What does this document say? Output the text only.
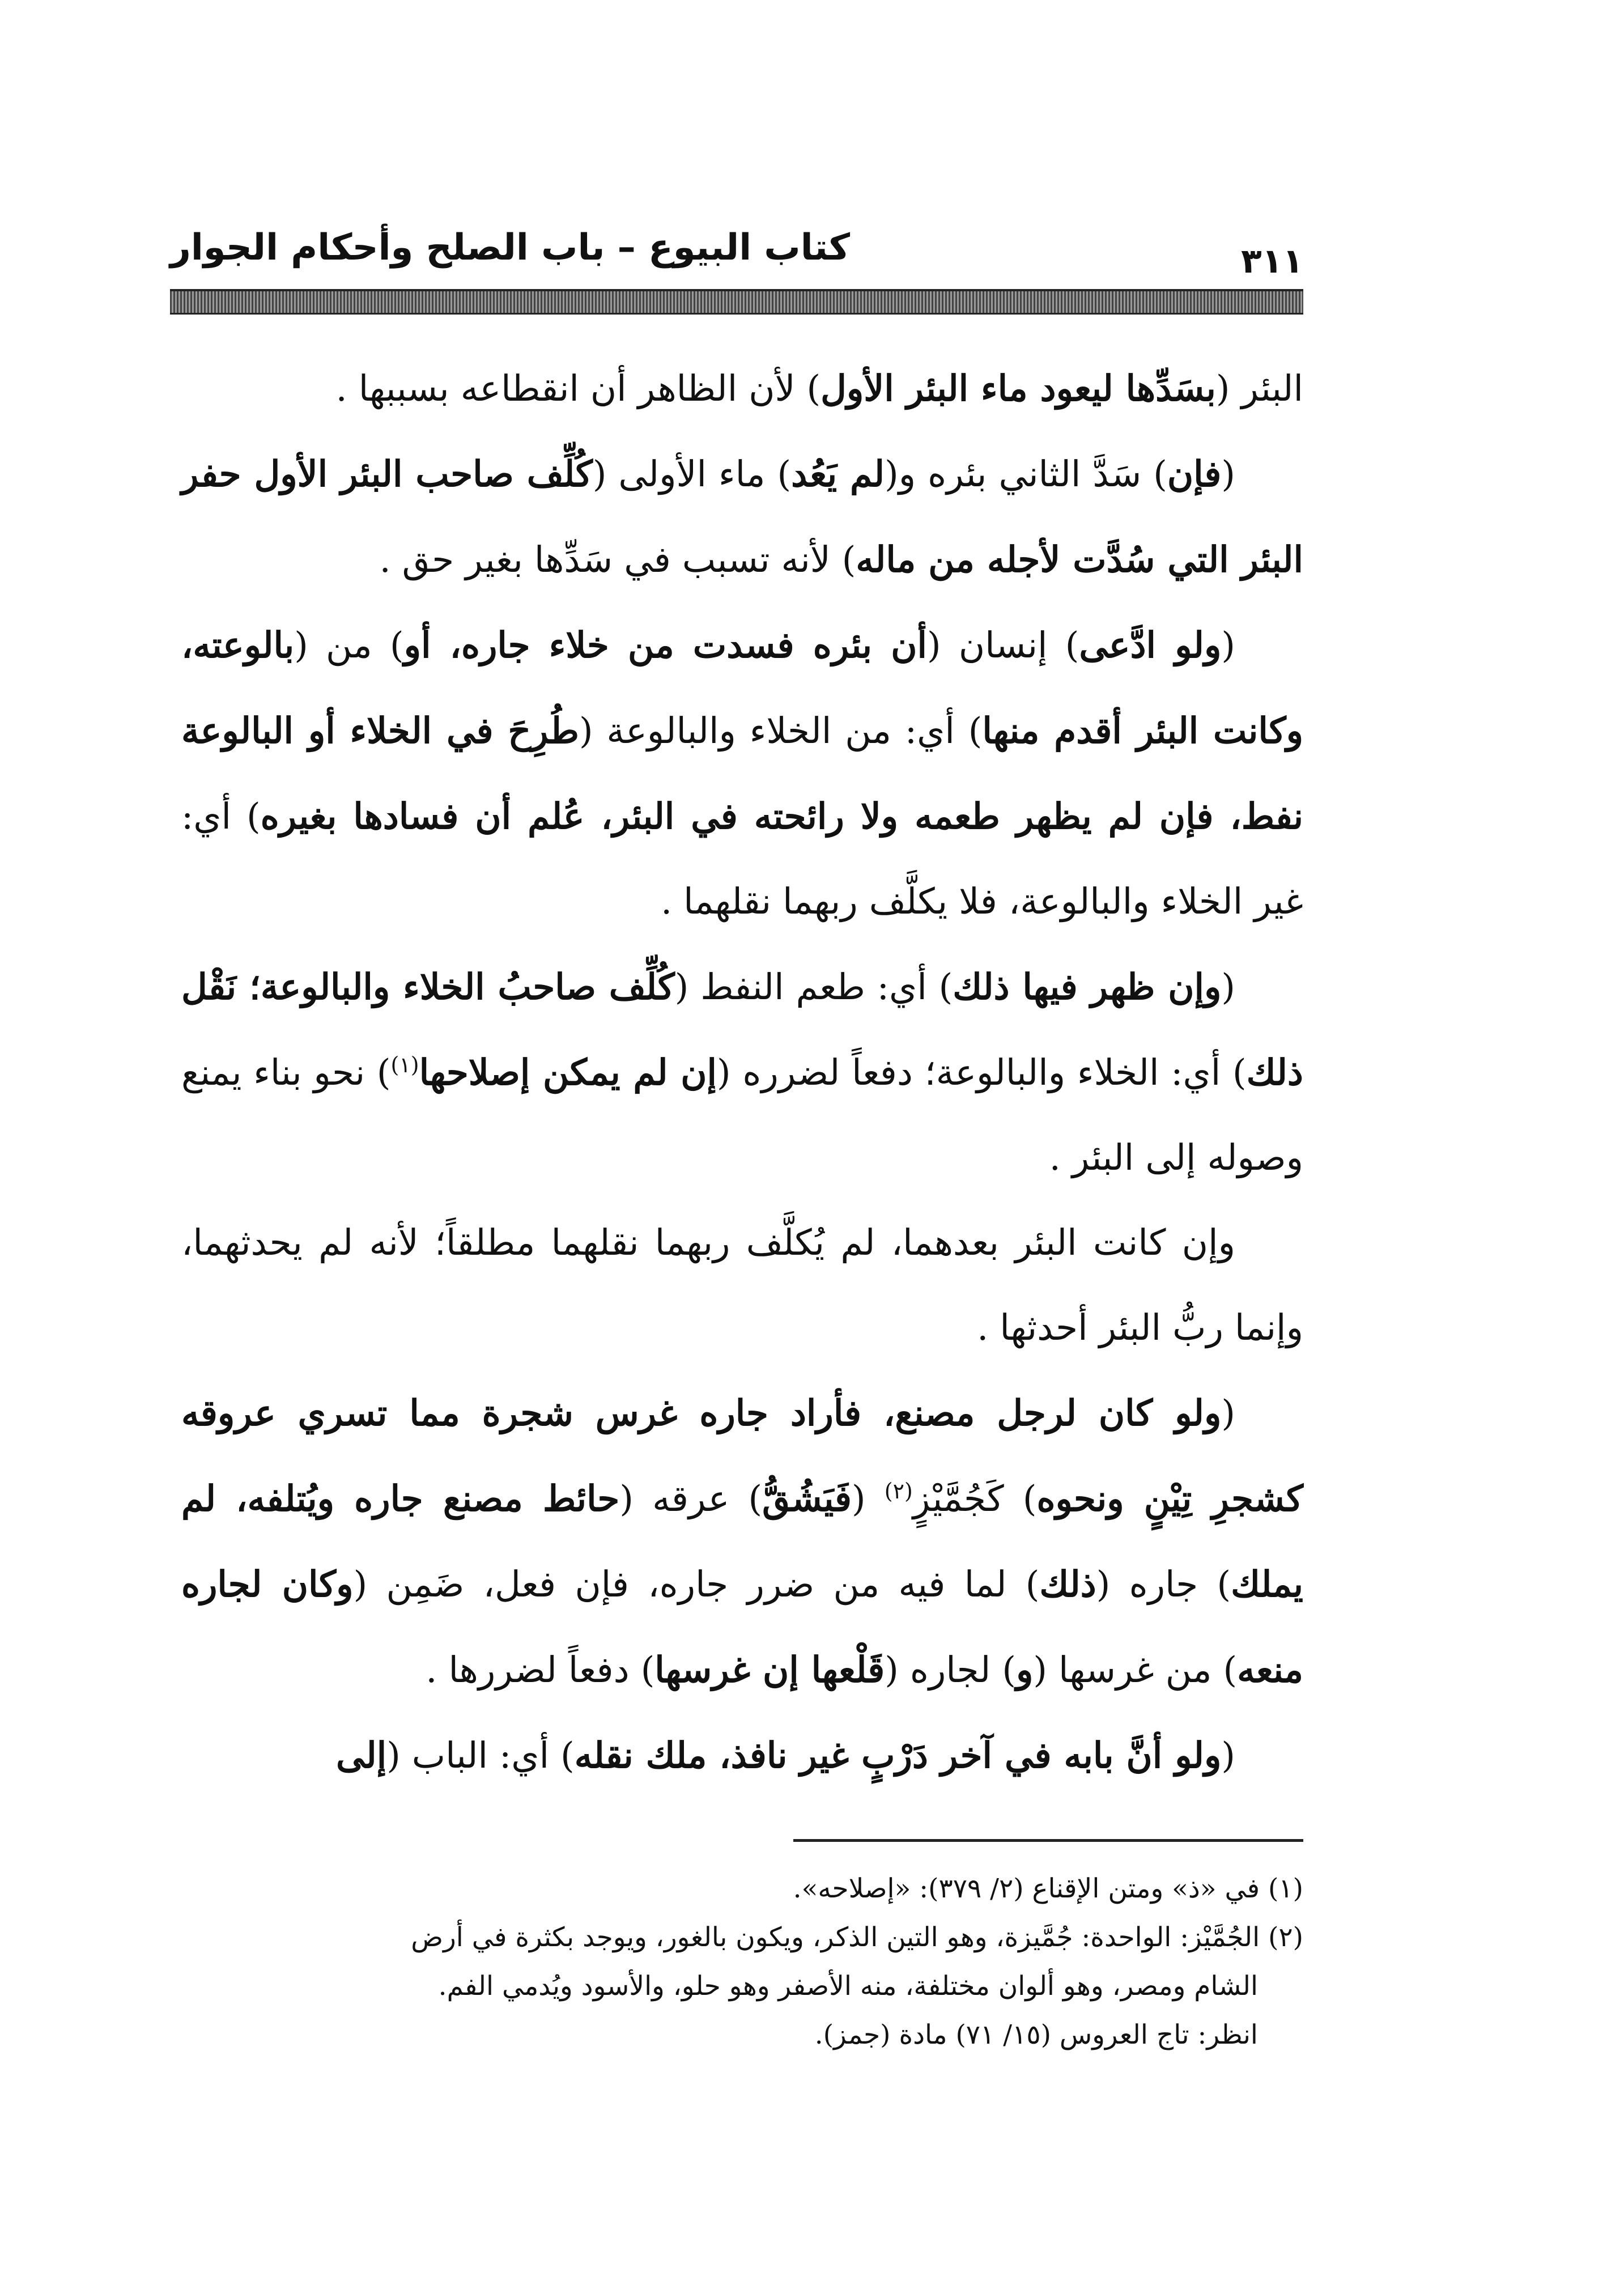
كتاب البيوع – باب الصلح وأحكام الجوار	٣١١

البئر (بسَدِّها ليعود ماء البئر الأول) لأن الظاهر أن انقطاعه بسببها .

(فإن) سَدَّ الثاني بئره و(لم يَعُد) ماء الأولى (كُلِّف صاحب البئر الأول حفر البئر التي سُدَّت لأجله من ماله) لأنه تسبب في سَدِّها بغير حق .

(ولو ادَّعى) إنسان (أن بئره فسدت من خلاء جاره، أو) من (بالوعته، وكانت البئر أقدم منها) أي: من الخلاء والبالوعة (طُرِحَ في الخلاء أو البالوعة نفط، فإن لم يظهر طعمه ولا رائحته في البئر، عُلم أن فسادها بغيره) أي: غير الخلاء والبالوعة، فلا يكلَّف ربهما نقلهما .

(وإن ظهر فيها ذلك) أي: طعم النفط (كُلِّف صاحبُ الخلاء والبالوعة؛ نَقْل ذلك) أي: الخلاء والبالوعة؛ دفعاً لضرره (إن لم يمكن إصلاحها$^{(١)}$) نحو بناء يمنع وصوله إلى البئر .

وإن كانت البئر بعدهما، لم يُكلَّف ربهما نقلهما مطلقاً؛ لأنه لم يحدثهما، وإنما ربُّ البئر أحدثها .

(ولو كان لرجل مصنع، فأراد جاره غرس شجرة مما تسري عروقه كشجرِ تِيْنٍ ونحوه) كَجُمَّيْزٍ$^{(٢)}$ (فَيَشُقُّ) عرقه (حائط مصنع جاره ويُتلفه، لم يملك) جاره (ذلك) لما فيه من ضرر جاره، فإن فعل، ضَمِن (وكان لجاره منعه) من غرسها (و) لجاره (قَلْعها إن غرسها) دفعاً لضررها .

(ولو أنَّ بابه في آخر دَرْبٍ غير نافذ، ملك نقله) أي: الباب (إلى

(١) في «ذ» ومتن الإقناع (٢/ ٣٧٩): «إصلاحه».

(٢) الجُمَّيْز: الواحدة: جُمَّيزة، وهو التين الذكر، ويكون بالغور، ويوجد بكثرة في أرض

الشام ومصر، وهو ألوان مختلفة، منه الأصفر وهو حلو، والأسود ويُدمي الفم.

انظر: تاج العروس (١٥/ ٧١) مادة (جمز).
